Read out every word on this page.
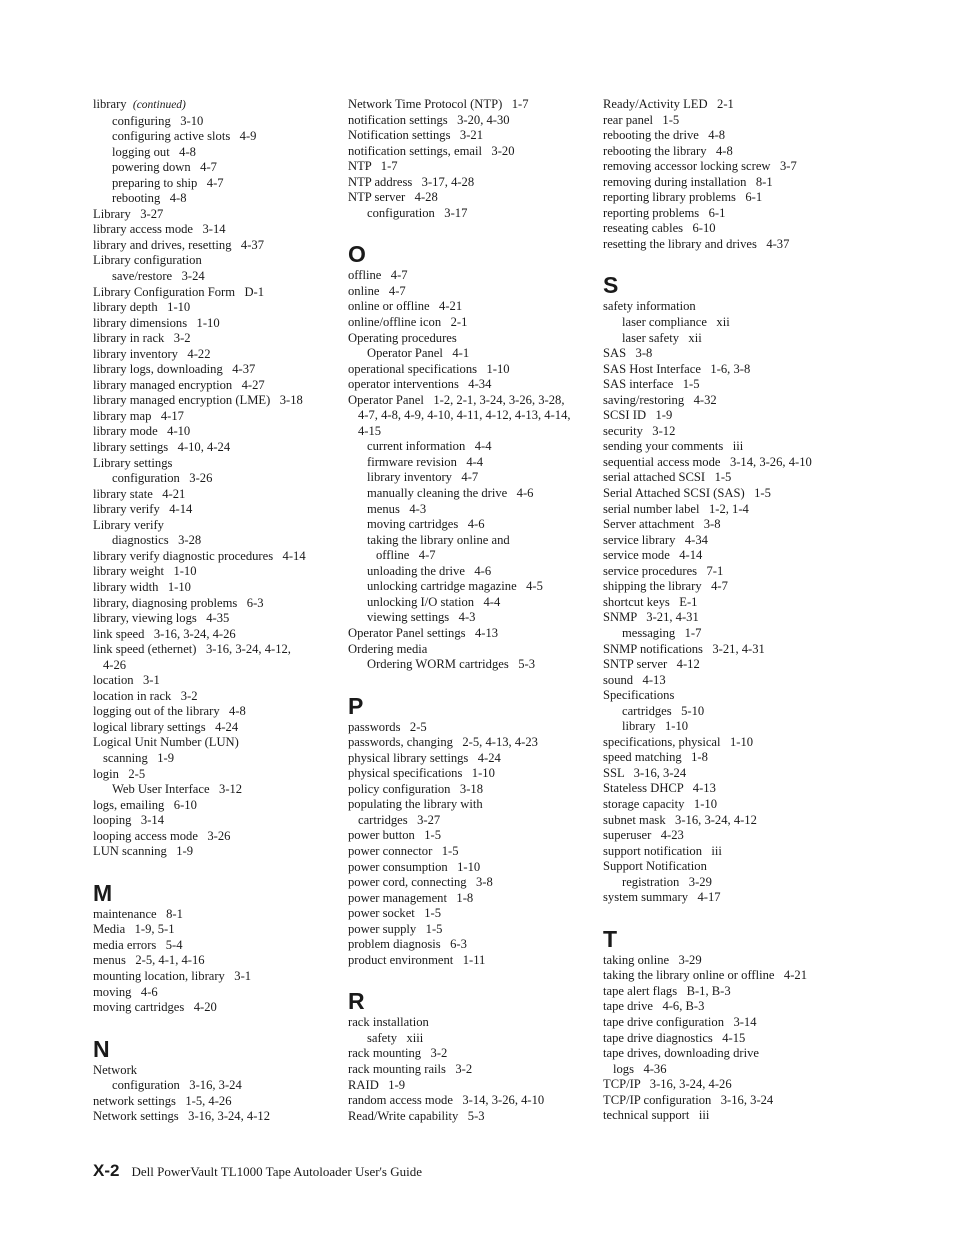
library  (continued)
configuring   3-10
configuring active slots   4-9
logging out   4-8
powering down   4-7
preparing to ship   4-7
rebooting   4-8
Library   3-27
library access mode   3-14
library and drives, resetting   4-37
Library configuration
save/restore   3-24
Library Configuration Form   D-1
library depth   1-10
library dimensions   1-10
library in rack   3-2
library inventory   4-22
library logs, downloading   4-37
library managed encryption   4-27
library managed encryption (LME)   3-18
library map   4-17
library mode   4-10
library settings   4-10, 4-24
Library settings
configuration   3-26
library state   4-21
library verify   4-14
Library verify
diagnostics   3-28
library verify diagnostic procedures   4-14
library weight   1-10
library width   1-10
library, diagnosing problems   6-3
library, viewing logs   4-35
link speed   3-16, 3-24, 4-26
link speed (ethernet)   3-16, 3-24, 4-12,
4-26
location   3-1
location in rack   3-2
logging out of the library   4-8
logical library settings   4-24
Logical Unit Number (LUN)
scanning   1-9
login   2-5
Web User Interface   3-12
logs, emailing   6-10
looping   3-14
looping access mode   3-26
LUN scanning   1-9
M
maintenance   8-1
Media   1-9, 5-1
media errors   5-4
menus   2-5, 4-1, 4-16
mounting location, library   3-1
moving   4-6
moving cartridges   4-20
N
Network
configuration   3-16, 3-24
network settings   1-5, 4-26
Network settings   3-16, 3-24, 4-12
Network Time Protocol (NTP)   1-7
notification settings   3-20, 4-30
Notification settings   3-21
notification settings, email   3-20
NTP   1-7
NTP address   3-17, 4-28
NTP server   4-28
configuration   3-17
O
offline   4-7
online   4-7
online or offline   4-21
online/offline icon   2-1
Operating procedures
Operator Panel   4-1
operational specifications   1-10
operator interventions   4-34
Operator Panel   1-2, 2-1, 3-24, 3-26, 3-28,
4-7, 4-8, 4-9, 4-10, 4-11, 4-12, 4-13, 4-14,
4-15
current information   4-4
firmware revision   4-4
library inventory   4-7
manually cleaning the drive   4-6
menus   4-3
moving cartridges   4-6
taking the library online and
offline   4-7
unloading the drive   4-6
unlocking cartridge magazine   4-5
unlocking I/O station   4-4
viewing settings   4-3
Operator Panel settings   4-13
Ordering media
Ordering WORM cartridges   5-3
P
passwords   2-5
passwords, changing   2-5, 4-13, 4-23
physical library settings   4-24
physical specifications   1-10
policy configuration   3-18
populating the library with
cartridges   3-27
power button   1-5
power connector   1-5
power consumption   1-10
power cord, connecting   3-8
power management   1-8
power socket   1-5
power supply   1-5
problem diagnosis   6-3
product environment   1-11
R
rack installation
safety   xiii
rack mounting   3-2
rack mounting rails   3-2
RAID   1-9
random access mode   3-14, 3-26, 4-10
Read/Write capability   5-3
Ready/Activity LED   2-1
rear panel   1-5
rebooting the drive   4-8
rebooting the library   4-8
removing accessor locking screw   3-7
removing during installation   8-1
reporting library problems   6-1
reporting problems   6-1
reseating cables   6-10
resetting the library and drives   4-37
S
safety information
laser compliance   xii
laser safety   xii
SAS   3-8
SAS Host Interface   1-6, 3-8
SAS interface   1-5
saving/restoring   4-32
SCSI ID   1-9
security   3-12
sending your comments   iii
sequential access mode   3-14, 3-26, 4-10
serial attached SCSI   1-5
Serial Attached SCSI (SAS)   1-5
serial number label   1-2, 1-4
Server attachment   3-8
service library   4-34
service mode   4-14
service procedures   7-1
shipping the library   4-7
shortcut keys   E-1
SNMP   3-21, 4-31
messaging   1-7
SNMP notifications   3-21, 4-31
SNTP server   4-12
sound   4-13
Specifications
cartridges   5-10
library   1-10
specifications, physical   1-10
speed matching   1-8
SSL   3-16, 3-24
Stateless DHCP   4-13
storage capacity   1-10
subnet mask   3-16, 3-24, 4-12
superuser   4-23
support notification   iii
Support Notification
registration   3-29
system summary   4-17
T
taking online   3-29
taking the library online or offline   4-21
tape alert flags   B-1, B-3
tape drive   4-6, B-3
tape drive configuration   3-14
tape drive diagnostics   4-15
tape drives, downloading drive
logs   4-36
TCP/IP   3-16, 3-24, 4-26
TCP/IP configuration   3-16, 3-24
technical support   iii
X-2 Dell PowerVault TL1000 Tape Autoloader User's Guide
